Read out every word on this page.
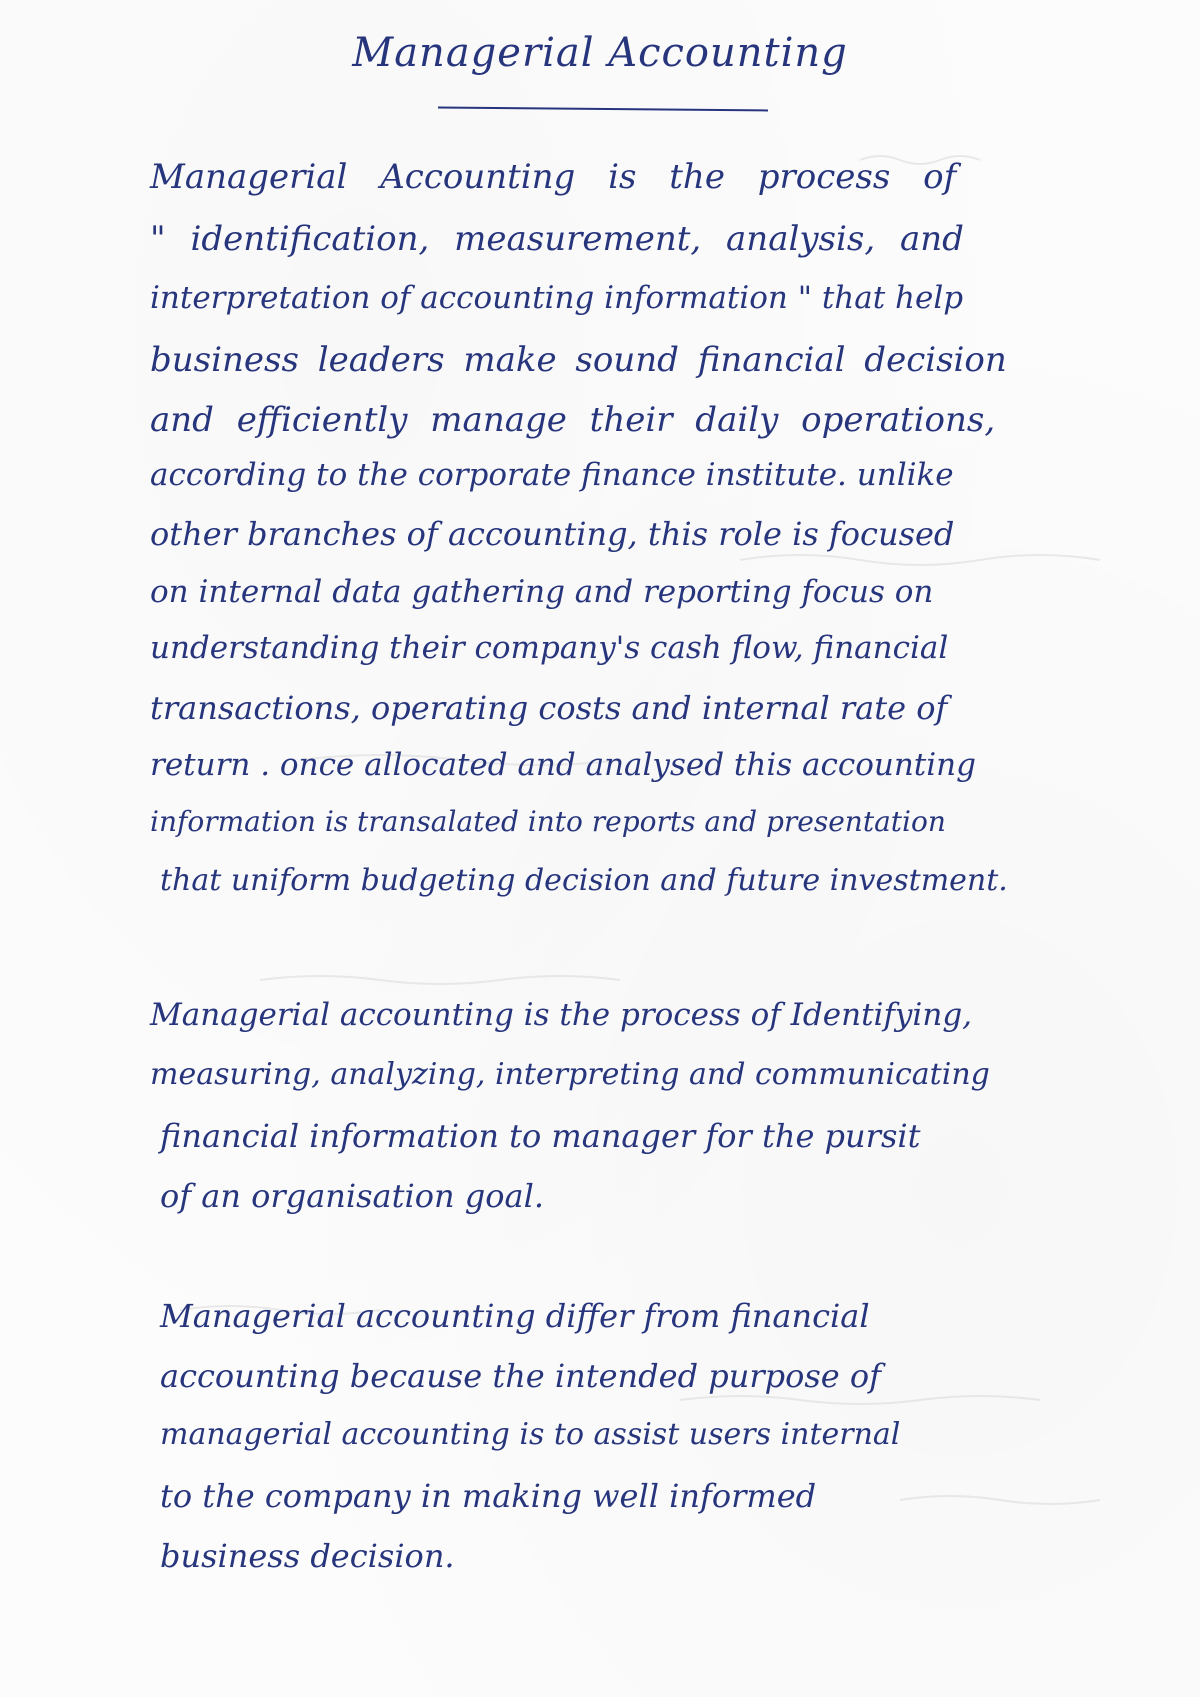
Managerial Accounting
Managerial Accounting is the process of
" identification, measurement, analysis, and
interpretation of accounting information " that help
business leaders make sound financial decision
and efficiently manage their daily operations,
according to the corporate finance institute. unlike
other branches of accounting, this role is focused
on internal data gathering and reporting focus on
understanding their company's cash flow, financial
transactions, operating costs and internal rate of
return . once allocated and analysed this accounting
information is transalated into reports and presentation
that uniform budgeting decision and future investment.
Managerial accounting is the process of Identifying,
measuring, analyzing, interpreting and communicating
financial information to manager for the pursit
of an organisation goal.
Managerial accounting differ from financial
accounting because the intended purpose of
managerial accounting is to assist users internal
to the company in making well informed
business decision.
